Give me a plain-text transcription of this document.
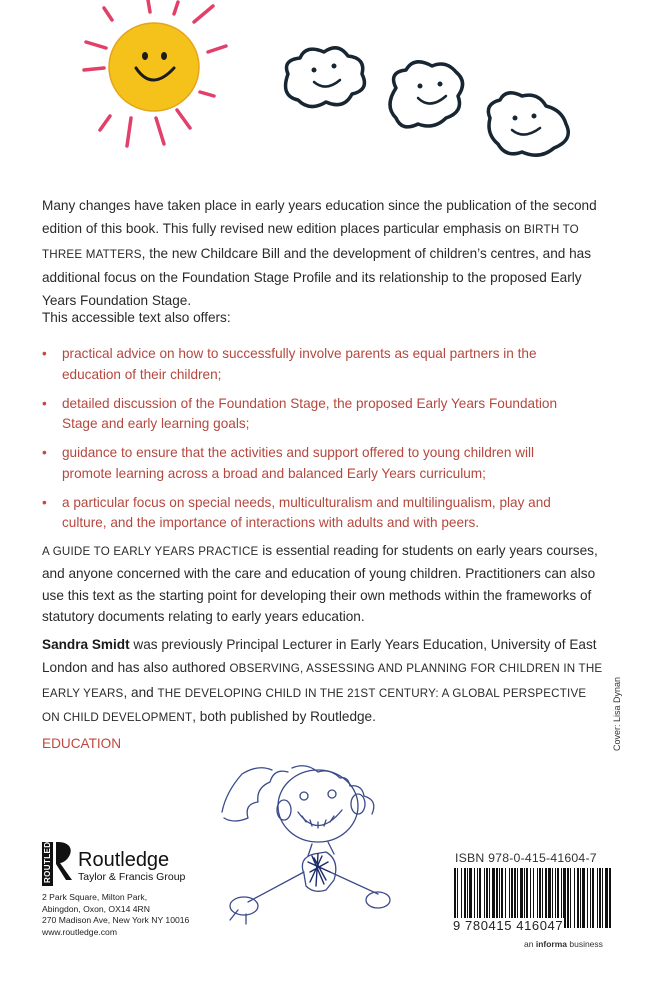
Many changes have taken place in early years education since the publication of the second edition of this book. This fully revised new edition places particular emphasis on BIRTH TO THREE MATTERS, the new Childcare Bill and the development of children’s centres, and has additional focus on the Foundation Stage Profile and its relationship to the proposed Early Years Foundation Stage.
This accessible text also offers:
• practical advice on how to successfully involve parents as equal partners in the education of their children;
• detailed discussion of the Foundation Stage, the proposed Early Years Foundation Stage and early learning goals;
• guidance to ensure that the activities and support offered to young children will promote learning across a broad and balanced Early Years curriculum;
• a particular focus on special needs, multiculturalism and multilingualism, play and culture, and the importance of interactions with adults and with peers.
A GUIDE TO EARLY YEARS PRACTICE is essential reading for students on early years courses, and anyone concerned with the care and education of young children. Practitioners can also use this text as the starting point for developing their own methods within the frameworks of statutory documents relating to early years education.
Sandra Smidt was previously Principal Lecturer in Early Years Education, University of East London and has also authored OBSERVING, ASSESSING AND PLANNING FOR CHILDREN IN THE EARLY YEARS, and THE DEVELOPING CHILD IN THE 21ST CENTURY: A GLOBAL PERSPECTIVE ON CHILD DEVELOPMENT, both published by Routledge.
EDUCATION	Cover: Lisa Dynan
ROUTLEDGE Routledge
Taylor & Francis Group
2 Park Square, Milton Park,
Abingdon, Oxon, OX14 4RN
270 Madison Ave, New York NY 10016
www.routledge.com
ISBN 978-0-415-41604-7
9 780415 416047
an informa business
